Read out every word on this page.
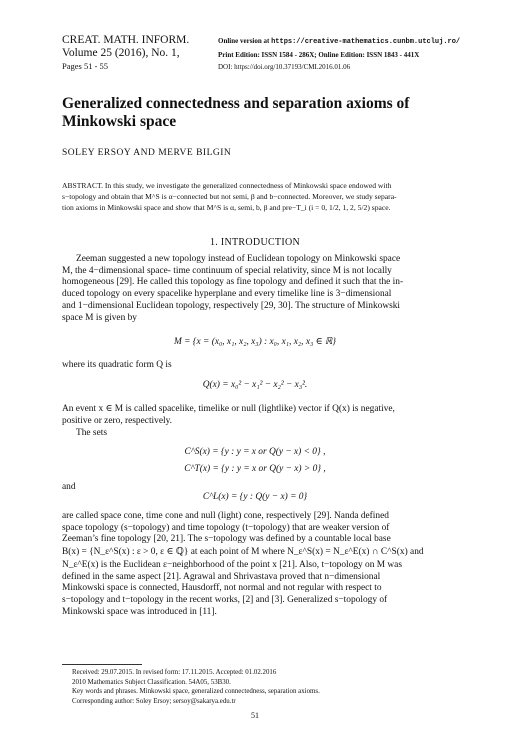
CREAT. MATH. INFORM.
Volume 25 (2016), No. 1,
Pages 51 - 55
Online version at https://creative-mathematics.cunbm.utcluj.ro/
Print Edition: ISSN 1584 - 286X; Online Edition: ISSN 1843 - 441X
DOI: https://doi.org/10.37193/CMI.2016.01.06
Generalized connectedness and separation axioms of
Minkowski space
SOLEY ERSOY AND MERVE BILGIN
ABSTRACT. In this study, we investigate the generalized connectedness of Minkowski space endowed with
s−topology and obtain that M^S is α−connected but not semi, β and b−connected. Moreover, we study separa-
tion axioms in Minkowski space and show that M^S is α, semi, b, β and pre−T_i (i = 0, 1/2, 1, 2, 5/2) space.
1. INTRODUCTION
Zeeman suggested a new topology instead of Euclidean topology on Minkowski space
M, the 4−dimensional space- time continuum of special relativity, since M is not locally
homogeneous [29]. He called this topology as fine topology and defined it such that the in-
duced topology on every spacelike hyperplane and every timelike line is 3−dimensional
and 1−dimensional Euclidean topology, respectively [29, 30]. The structure of Minkowski
space M is given by
M = {x = (x₀, x₁, x₂, x₃) : x₀, x₁, x₂, x₃ ∈ ℝ}
where its quadratic form Q is
Q(x) = x₀² − x₁² − x₂² − x₃².
An event x ∈ M is called spacelike, timelike or null (lightlike) vector if Q(x) is negative,
positive or zero, respectively.
The sets
C^S(x) = {y : y = x or Q(y − x) < 0} ,
C^T(x) = {y : y = x or Q(y − x) > 0} ,
and
C^L(x) = {y : Q(y − x) = 0}
are called space cone, time cone and null (light) cone, respectively [29]. Nanda defined
space topology (s−topology) and time topology (t−topology) that are weaker version of
Zeeman’s fine topology [20, 21]. The s−topology was defined by a countable local base
B(x) = {N_ε^S(x) : ε > 0, ε ∈ ℚ} at each point of M where N_ε^S(x) = N_ε^E(x) ∩ C^S(x) and
N_ε^E(x) is the Euclidean ε−neighborhood of the point x [21]. Also, t−topology on M was
defined in the same aspect [21]. Agrawal and Shrivastava proved that n−dimensional
Minkowski space is connected, Hausdorff, not normal and not regular with respect to
s−topology and t−topology in the recent works, [2] and [3]. Generalized s−topology of
Minkowski space was introduced in [11].
Received: 29.07.2015. In revised form: 17.11.2015. Accepted: 01.02.2016
2010 Mathematics Subject Classification. 54A05, 53B30.
Key words and phrases. Minkowski space, generalized connectedness, separation axioms.
Corresponding author: Soley Ersoy; sersoy@sakarya.edu.tr
51
